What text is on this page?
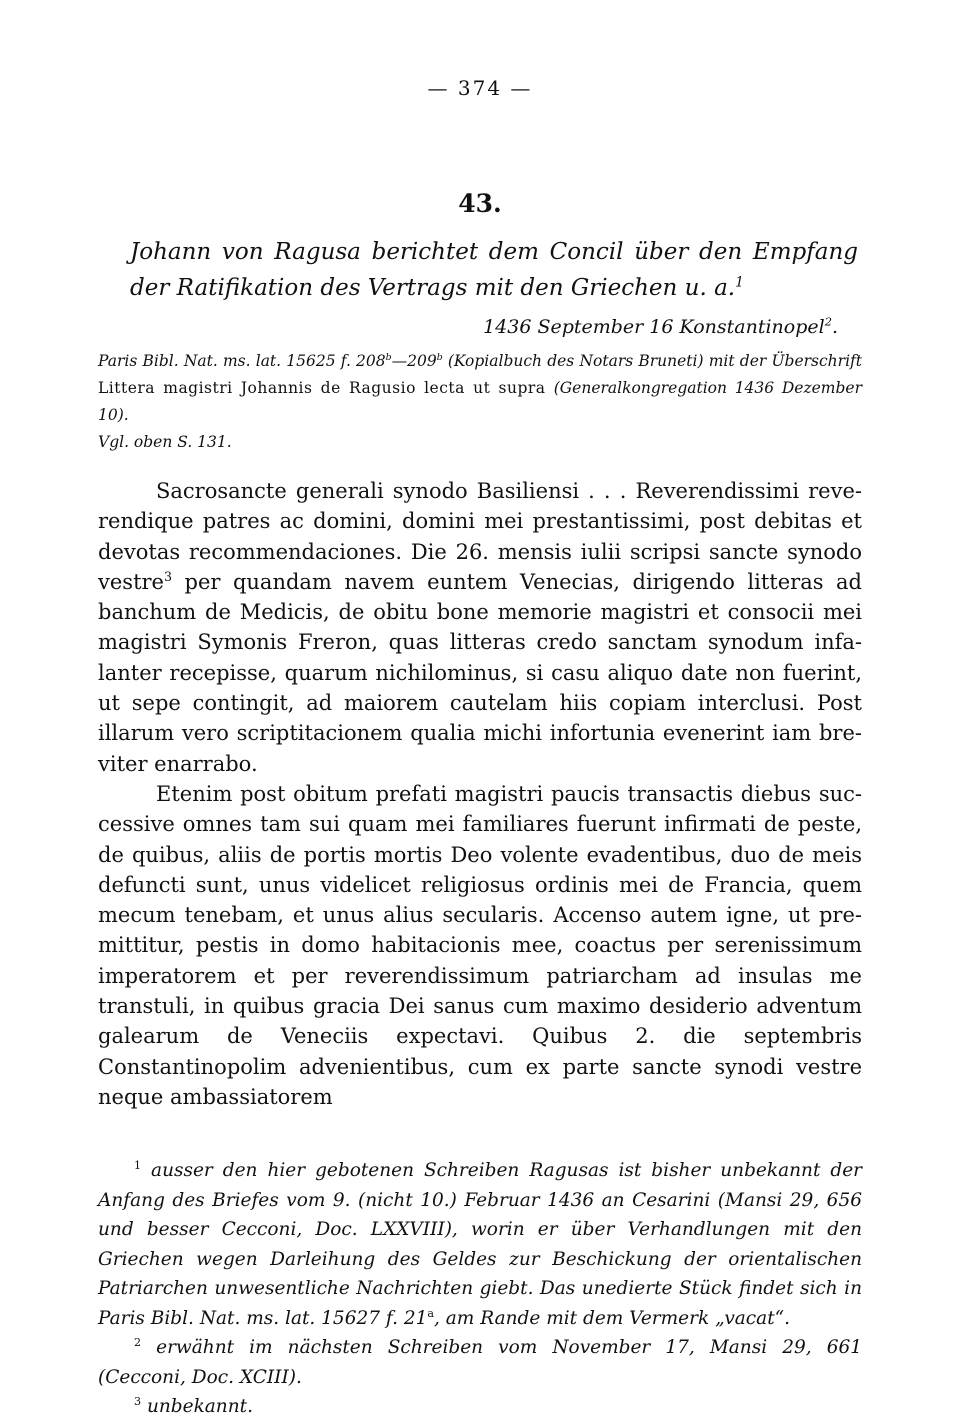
— 374 —
43.
Johann von Ragusa berichtet dem Concil über den Empfang der Ratifikation des Vertrags mit den Griechen u. a.$^1$
1436 September 16 Konstantinopel$^2$.
Paris Bibl. Nat. ms. lat. 15625 f. 208$^b$—209$^b$ (Kopialbuch des Notars Bruneti) mit der Überschrift Littera magistri Johannis de Ragusio lecta ut supra (Generalkongregation 1436 Dezember 10).
Vgl. oben S. 131.

Sacrosancte generali synodo Basiliensi . . . Reverendissimi reverendique patres ac domini, domini mei prestantissimi, post debitas et devotas recommendaciones. Die 26. mensis iulii scripsi sancte synodo vestre$^3$ per quandam navem euntem Venecias, dirigendo litteras ad banchum de Medicis, de obitu bone memorie magistri et consocii mei magistri Symonis Freron, quas litteras credo sanctam synodum infalanter recepisse, quarum nichilominus, si casu aliquo date non fuerint, ut sepe contingit, ad maiorem cautelam hiis copiam interclusi. Post illarum vero scriptitacionem qualia michi infortunia evenerint iam breviter enarrabo.

Etenim post obitum prefati magistri paucis transactis diebus successive omnes tam sui quam mei familiares fuerunt infirmati de peste, de quibus, aliis de portis mortis Deo volente evadentibus, duo de meis defuncti sunt, unus videlicet religiosus ordinis mei de Francia, quem mecum tenebam, et unus alius secularis. Accenso autem igne, ut premittitur, pestis in domo habitacionis mee, coactus per serenissimum imperatorem et per reverendissimum patriarcham ad insulas me transtuli, in quibus gracia Dei sanus cum maximo desiderio adventum galearum de Veneciis expectavi. Quibus 2. die septembris Constantinopolim advenientibus, cum ex parte sancte synodi vestre neque ambassiatorem

$^1$ ausser den hier gebotenen Schreiben Ragusas ist bisher unbekannt der Anfang des Briefes vom 9. (nicht 10.) Februar 1436 an Cesarini (Mansi 29, 656 und besser Cecconi, Doc. LXXVIII), worin er über Verhandlungen mit den Griechen wegen Darleihung des Geldes zur Beschickung der orientalischen Patriarchen unwesentliche Nachrichten giebt. Das unedierte Stück findet sich in Paris Bibl. Nat. ms. lat. 15627 f. 21$^a$, am Rande mit dem Vermerk „vacat“.

$^2$ erwähnt im nächsten Schreiben vom November 17, Mansi 29, 661 (Cecconi, Doc. XCIII).

$^3$ unbekannt.
